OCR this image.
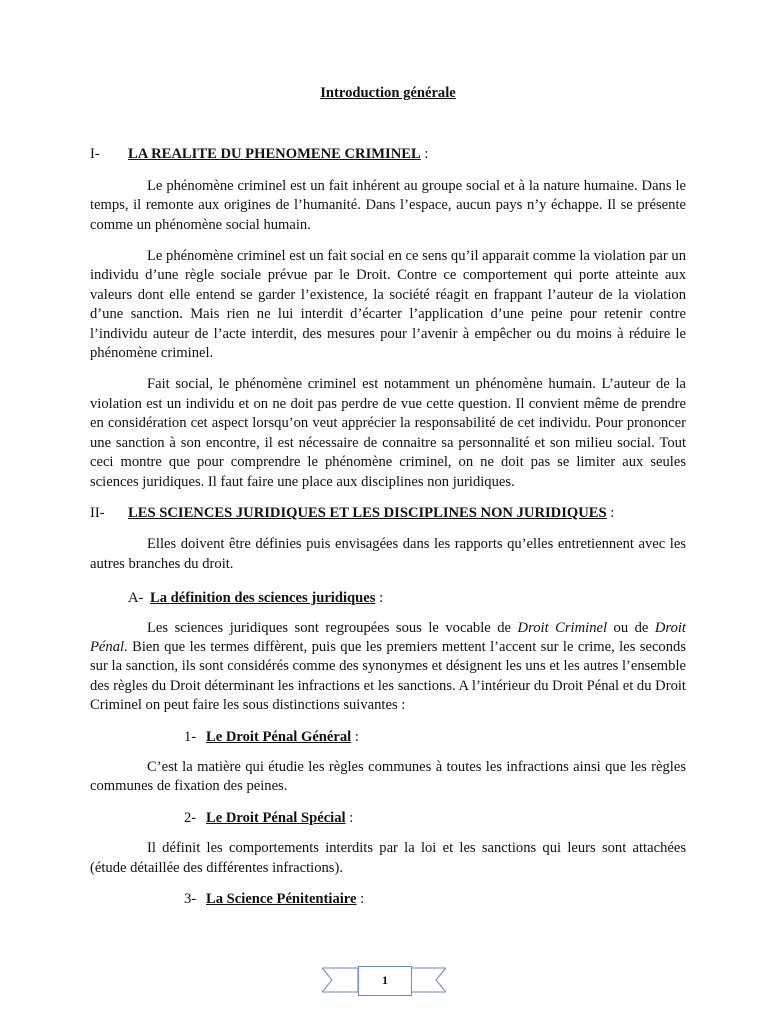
Introduction générale
I-	LA REALITE DU PHENOMENE CRIMINEL :

Le phénomène criminel est un fait inhérent au groupe social et à la nature humaine. Dans le temps, il remonte aux origines de l’humanité. Dans l’espace, aucun pays n’y échappe. Il se présente comme un phénomène social humain.

Le phénomène criminel est un fait social en ce sens qu’il apparait comme la violation par un individu d’une règle sociale prévue par le Droit. Contre ce comportement qui porte atteinte aux valeurs dont elle entend se garder l’existence, la société réagit en frappant l’auteur de la violation d’une sanction. Mais rien ne lui interdit d’écarter l’application d’une peine pour retenir contre l’individu auteur de l’acte interdit, des mesures pour l’avenir à empêcher ou du moins à réduire le phénomène criminel.

Fait social, le phénomène criminel est notamment un phénomène humain. L’auteur de la violation est un individu et on ne doit pas perdre de vue cette question. Il convient même de prendre en considération cet aspect lorsqu’on veut apprécier la responsabilité de cet individu. Pour prononcer une sanction à son encontre, il est nécessaire de connaitre sa personnalité et son milieu social. Tout ceci montre que pour comprendre le phénomène criminel, on ne doit pas se limiter aux seules sciences juridiques. Il faut faire une place aux disciplines non juridiques.

II-	LES SCIENCES JURIDIQUES ET LES DISCIPLINES NON JURIDIQUES :

Elles doivent être définies puis envisagées dans les rapports qu’elles entretiennent avec les autres branches du droit.

A- La définition des sciences juridiques :

Les sciences juridiques sont regroupées sous le vocable de Droit Criminel ou de Droit Pénal. Bien que les termes diffèrent, puis que les premiers mettent l’accent sur le crime, les seconds sur la sanction, ils sont considérés comme des synonymes et désignent les uns et les autres l’ensemble des règles du Droit déterminant les infractions et les sanctions. A l’intérieur du Droit Pénal et du Droit Criminel on peut faire les sous distinctions suivantes :

1- Le Droit Pénal Général :

C’est la matière qui étudie les règles communes à toutes les infractions ainsi que les règles communes de fixation des peines.

2- Le Droit Pénal Spécial :

Il définit les comportements interdits par la loi et les sanctions qui leurs sont attachées (étude détaillée des différentes infractions).

3- La Science Pénitentiaire :
1
